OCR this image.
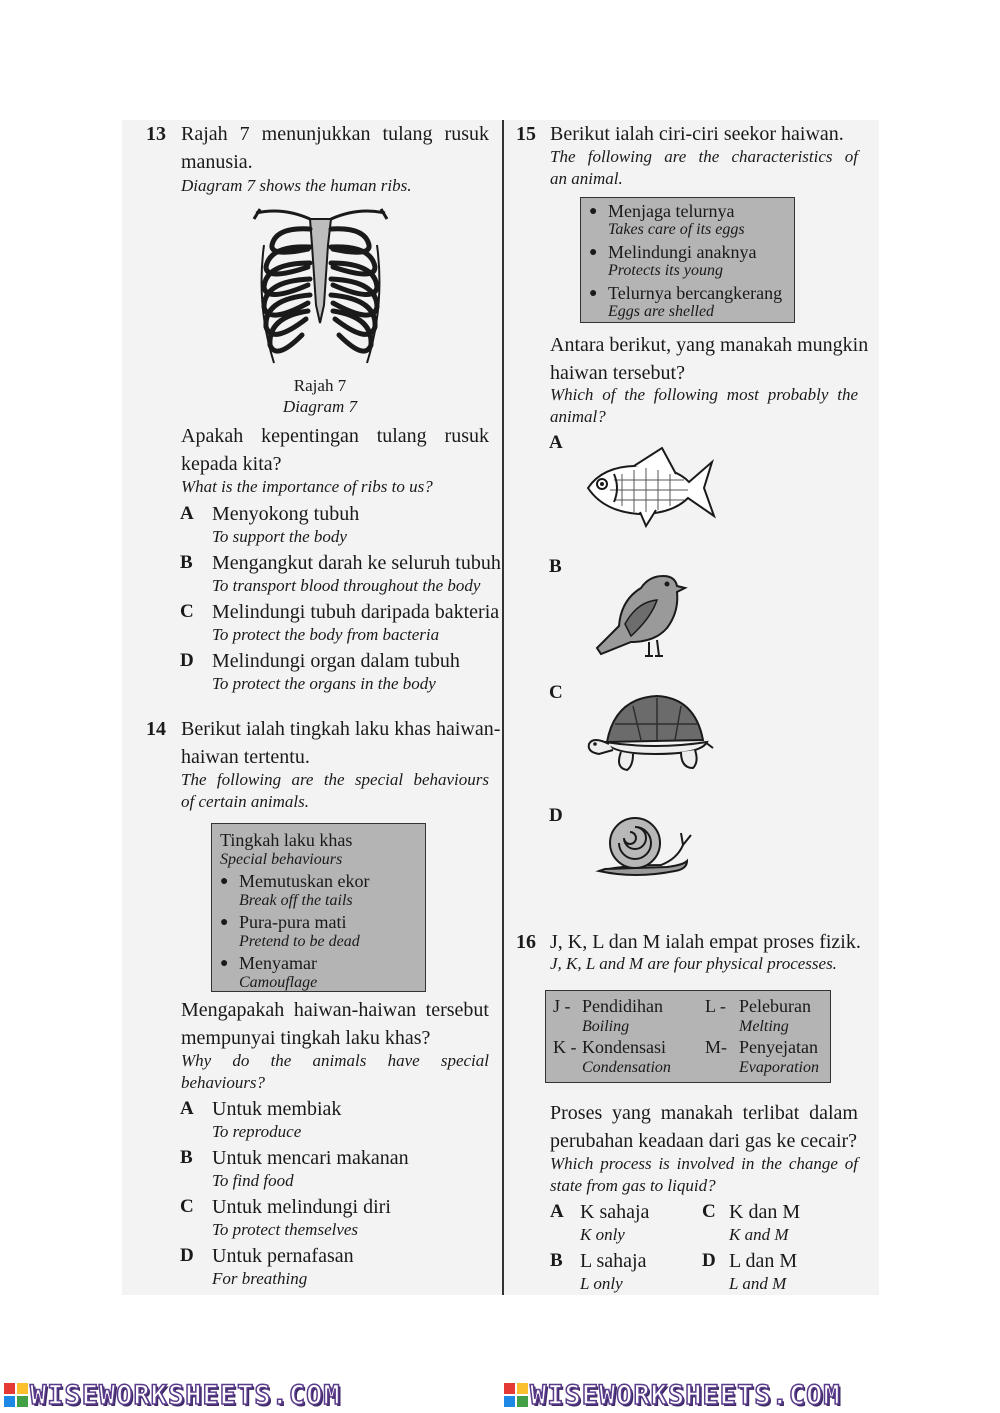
13 Rajah 7 menunjukkan tulang rusuk
manusia.
Diagram 7 shows the human ribs.
Rajah 7
Diagram 7
Apakah kepentingan tulang rusuk
kepada kita?
What is the importance of ribs to us?
A Menyokong tubuh
To support the body
B Mengangkut darah ke seluruh tubuh
To transport blood throughout the body
C Melindungi tubuh daripada bakteria
To protect the body from bacteria
D Melindungi organ dalam tubuh
To protect the organs in the body
14 Berikut ialah tingkah laku khas haiwan-
haiwan tertentu.
The following are the special behaviours
of certain animals.
Tingkah laku khas
Special behaviours
● Memutuskan ekor
Break off the tails
● Pura-pura mati
Pretend to be dead
● Menyamar
Camouflage
Mengapakah haiwan-haiwan tersebut
mempunyai tingkah laku khas?
Why do the animals have special
behaviours?
A Untuk membiak
To reproduce
B Untuk mencari makanan
To find food
C Untuk melindungi diri
To protect themselves
D Untuk pernafasan
For breathing
15 Berikut ialah ciri-ciri seekor haiwan.
The following are the characteristics of
an animal.
● Menjaga telurnya
Takes care of its eggs
● Melindungi anaknya
Protects its young
● Telurnya bercangkerang
Eggs are shelled
Antara berikut, yang manakah mungkin
haiwan tersebut?
Which of the following most probably the
animal?
A
B
C
D
16 J, K, L dan M ialah empat proses fizik.
J, K, L and M are four physical processes.
J - Pendidihan
Boiling
L - Peleburan
Melting
K - Kondensasi
Condensation
M- Penyejatan
Evaporation
Proses yang manakah terlibat dalam
perubahan keadaan dari gas ke cecair?
Which process is involved in the change of
state from gas to liquid?
A K sahaja
K only
C K dan M
K and M
B L sahaja
L only
D L dan M
L and M
WISEWORKSHEETS.COM	WISEWORKSHEETS.COM
